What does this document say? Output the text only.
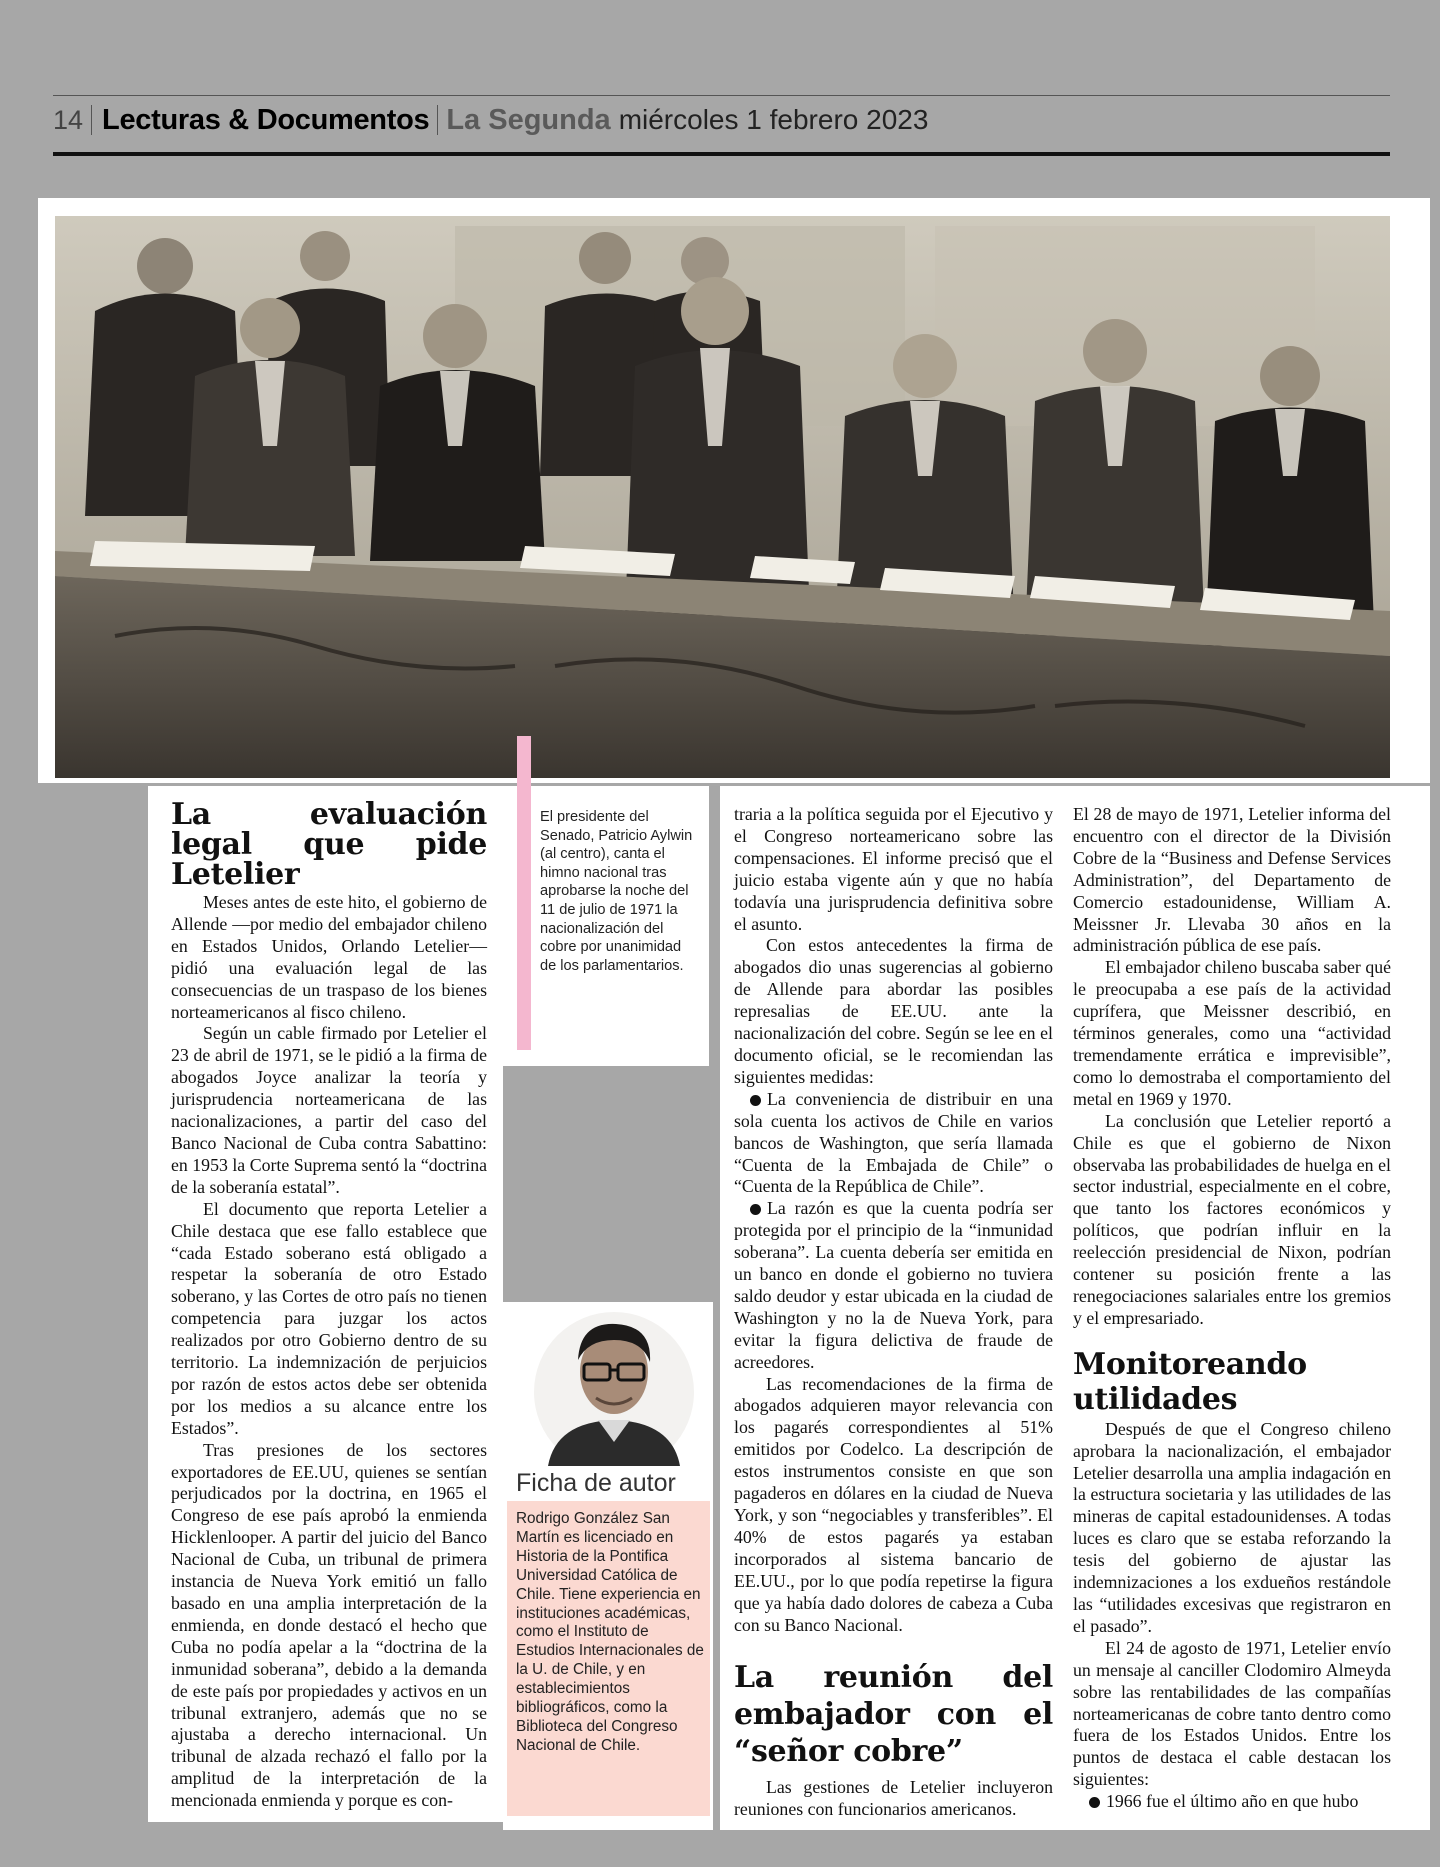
14 Lecturas & Documentos La Segunda miércoles 1 febrero 2023
La evaluación legal que pide Letelier

Meses antes de este hito, el gobierno de Allende —por medio del embajador chileno en Estados Unidos, Orlando Letelier— pidió una evaluación legal de las consecuencias de un traspaso de los bienes norteamericanos al fisco chileno.

Según un cable firmado por Letelier el 23 de abril de 1971, se le pidió a la firma de abogados Joyce analizar la teoría y jurisprudencia norteamericana de las nacionalizaciones, a partir del caso del Banco Nacional de Cuba contra Sabattino: en 1953 la Corte Suprema sentó la “doctrina de la soberanía estatal”.

El documento que reporta Letelier a Chile destaca que ese fallo establece que “cada Estado soberano está obligado a respetar la soberanía de otro Estado soberano, y las Cortes de otro país no tienen competencia para juzgar los actos realizados por otro Gobierno dentro de su territorio. La indemnización de perjuicios por razón de estos actos debe ser obtenida por los medios a su alcance entre los Estados”.

Tras presiones de los sectores exportadores de EE.UU, quienes se sentían perjudicados por la doctrina, en 1965 el Congreso de ese país aprobó la enmienda Hicklenlooper. A partir del juicio del Banco Nacional de Cuba, un tribunal de primera instancia de Nueva York emitió un fallo basado en una amplia interpretación de la enmienda, en donde destacó el hecho que Cuba no podía apelar a la “doctrina de la inmunidad soberana”, debido a la demanda de este país por propiedades y activos en un tribunal extranjero, además que no se ajustaba a derecho internacional. Un tribunal de alzada rechazó el fallo por la amplitud de la interpretación de la mencionada enmienda y porque es con-

El presidente del Senado, Patricio Aylwin (al centro), canta el himno nacional tras aprobarse la noche del 11 de julio de 1971 la nacionalización del cobre por unanimidad de los parlamentarios.
Ficha de autor
Rodrigo González San Martín es licenciado en Historia de la Pontifica Universidad Católica de Chile. Tiene experiencia en instituciones académicas, como el Instituto de Estudios Internacionales de la U. de Chile, y en establecimientos bibliográficos, como la Biblioteca del Congreso Nacional de Chile.

traria a la política seguida por el Ejecutivo y el Congreso norteamericano sobre las compensaciones. El informe precisó que el juicio estaba vigente aún y que no había todavía una jurisprudencia definitiva sobre el asunto.

Con estos antecedentes la firma de abogados dio unas sugerencias al gobierno de Allende para abordar las posibles represalias de EE.UU. ante la nacionalización del cobre. Según se lee en el documento oficial, se le recomiendan las siguientes medidas:

La conveniencia de distribuir en una sola cuenta los activos de Chile en varios bancos de Washington, que sería llamada “Cuenta de la Embajada de Chile” o “Cuenta de la República de Chile”.
La razón es que la cuenta podría ser protegida por el principio de la “inmunidad soberana”. La cuenta debería ser emitida en un banco en donde el gobierno no tuviera saldo deudor y estar ubicada en la ciudad de Washington y no la de Nueva York, para evitar la figura delictiva de fraude de acreedores.

Las recomendaciones de la firma de abogados adquieren mayor relevancia con los pagarés correspondientes al 51% emitidos por Codelco. La descripción de estos instrumentos consiste en que son pagaderos en dólares en la ciudad de Nueva York, y son “negociables y transferibles”. El 40% de estos pagarés ya estaban incorporados al sistema bancario de EE.UU., por lo que podía repetirse la figura que ya había dado dolores de cabeza a Cuba con su Banco Nacional.

La reunión del embajador con el “señor cobre”

Las gestiones de Letelier incluyeron reuniones con funcionarios americanos.

El 28 de mayo de 1971, Letelier informa del encuentro con el director de la División Cobre de la “Business and Defense Services Administration”, del Departamento de Comercio estadounidense, William A. Meissner Jr. Llevaba 30 años en la administración pública de ese país.

El embajador chileno buscaba saber qué le preocupaba a ese país de la actividad cuprífera, que Meissner describió, en términos generales, como una “actividad tremendamente errática e imprevisible”, como lo demostraba el comportamiento del metal en 1969 y 1970.

La conclusión que Letelier reportó a Chile es que el gobierno de Nixon observaba las probabilidades de huelga en el sector industrial, especialmente en el cobre, que tanto los factores económicos y políticos, que podrían influir en la reelección presidencial de Nixon, podrían contener su posición frente a las renegociaciones salariales entre los gremios y el empresariado.

Monitoreando utilidades

Después de que el Congreso chileno aprobara la nacionalización, el embajador Letelier desarrolla una amplia indagación en la estructura societaria y las utilidades de las mineras de capital estadounidenses. A todas luces es claro que se estaba reforzando la tesis del gobierno de ajustar las indemnizaciones a los exdueños restándole las “utilidades excesivas que registraron en el pasado”.

El 24 de agosto de 1971, Letelier envío un mensaje al canciller Clodomiro Almeyda sobre las rentabilidades de las compañías norteamericanas de cobre tanto dentro como fuera de los Estados Unidos. Entre los puntos de destaca el cable destacan los siguientes:

1966 fue el último año en que hubo
